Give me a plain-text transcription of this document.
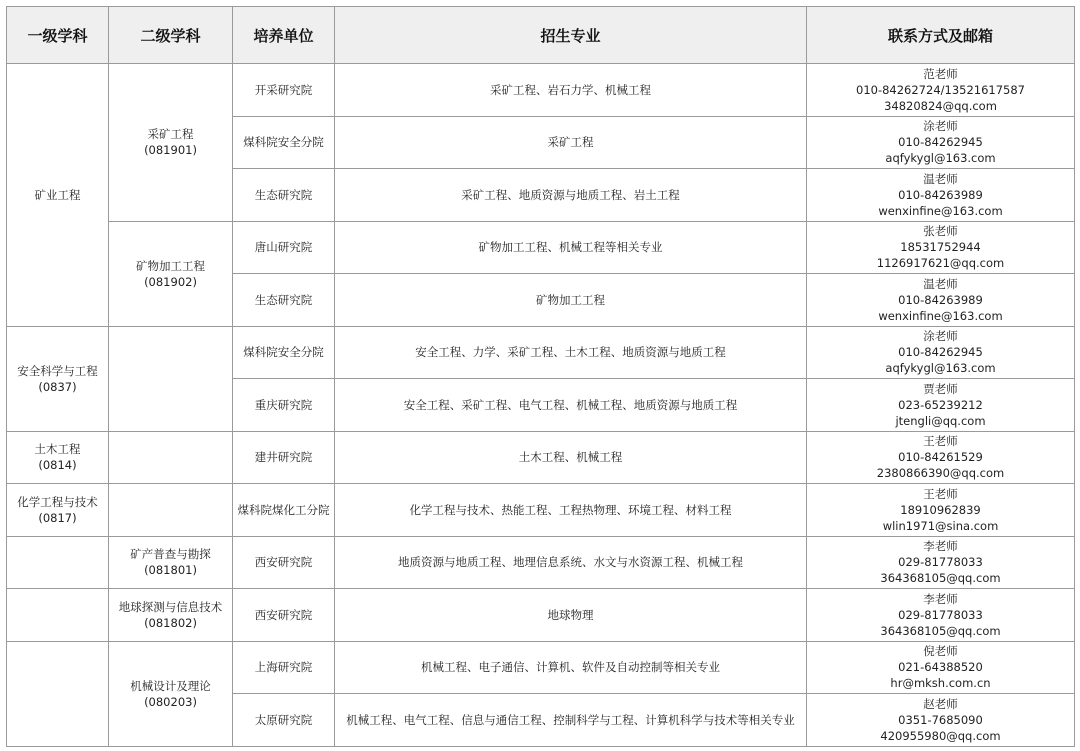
一级学科	二级学科	培养单位	招生专业	联系方式及邮箱

矿业工程	采矿工程
(081901)	开采研究院	采矿工程、岩石力学、机械工程	范老师
010-84262724/13521617587
34820824@qq.com

		煤科院安全分院	采矿工程	涂老师
010-84262945
aqfykygl@163.com

		生态研究院	采矿工程、地质资源与地质工程、岩土工程	温老师
010-84263989
wenxinfine@163.com

	矿物加工工程
(081902)	唐山研究院	矿物加工工程、机械工程等相关专业	张老师
18531752944
1126917621@qq.com

		生态研究院	矿物加工工程	温老师
010-84263989
wenxinfine@163.com

安全科学与工程
(0837)		煤科院安全分院	安全工程、力学、采矿工程、土木工程、地质资源与地质工程	涂老师
010-84262945
aqfykygl@163.com

		重庆研究院	安全工程、采矿工程、电气工程、机械工程、地质资源与地质工程	贾老师
023-65239212
jtengli@qq.com

土木工程
(0814)		建井研究院	土木工程、机械工程	王老师
010-84261529
2380866390@qq.com

化学工程与技术
(0817)		煤科院煤化工分院	化学工程与技术、热能工程、工程热物理、环境工程、材料工程	王老师
18910962839
wlin1971@sina.com

	矿产普查与勘探
(081801)	西安研究院	地质资源与地质工程、地理信息系统、水文与水资源工程、机械工程	李老师
029-81778033
364368105@qq.com

	地球探测与信息技术
(081802)	西安研究院	地球物理	李老师
029-81778033
364368105@qq.com

	机械设计及理论
(080203)	上海研究院	机械工程、电子通信、计算机、软件及自动控制等相关专业	倪老师
021-64388520
hr@mksh.com.cn

		太原研究院	机械工程、电气工程、信息与通信工程、控制科学与工程、计算机科学与技术等相关专业	赵老师
0351-7685090
420955980@qq.com
